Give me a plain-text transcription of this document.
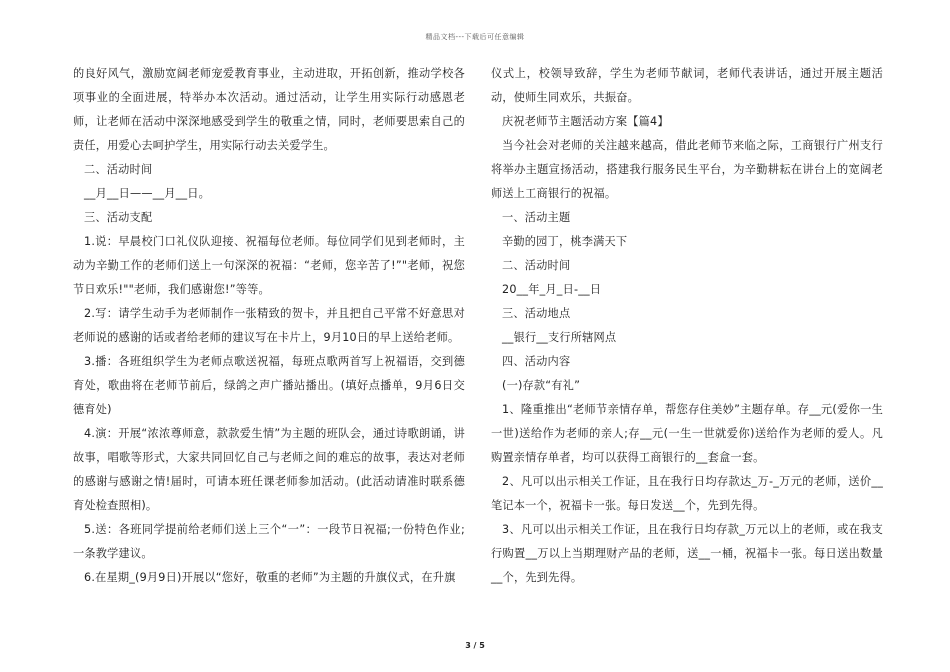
精品文档---下载后可任意编辑

的良好风气，激励宽阔老师宠爱教育事业，主动进取，开拓创新，推动学校各项事业的全面进展，特举办本次活动。通过活动，让学生用实际行动感恩老师，让老师在活动中深深地感受到学生的敬重之情，同时，老师要思索自己的责任，用爱心去呵护学生，用实际行动去关爱学生。

二、活动时间

__月__日——__月__日。

三、活动支配

1.说：早晨校门口礼仪队迎接、祝福每位老师。每位同学们见到老师时，主动为辛勤工作的老师们送上一句深深的祝福：“老师，您辛苦了!”"老师，祝您节日欢乐!""老师，我们感谢您!”等等。

2.写：请学生动手为老师制作一张精致的贺卡，并且把自己平常不好意思对老师说的感谢的话或者给老师的建议写在卡片上，9月10日的早上送给老师。

3.播：各班组织学生为老师点歌送祝福，每班点歌两首写上祝福语，交到德育处，歌曲将在老师节前后，绿鸽之声广播站播出。(填好点播单，9月6日交德育处)

4.演：开展“浓浓尊师意，款款爱生情”为主题的班队会，通过诗歌朗诵，讲故事，唱歌等形式，大家共同回忆自己与老师之间的难忘的故事，表达对老师的感谢与感谢之情!届时，可请本班任课老师参加活动。(此活动请准时联系德育处检查照相)。

5.送：各班同学提前给老师们送上三个“一”：一段节日祝福;一份特色作业;一条教学建议。

6.在星期_(9月9日)开展以“您好，敬重的老师”为主题的升旗仪式，在升旗

仪式上，校领导致辞，学生为老师节献词，老师代表讲话，通过开展主题活动，使师生同欢乐，共振奋。

庆祝老师节主题活动方案【篇4】

当今社会对老师的关注越来越高，借此老师节来临之际，工商银行广州支行将举办主题宣扬活动，搭建我行服务民生平台，为辛勤耕耘在讲台上的宽阔老师送上工商银行的祝福。

一、活动主题

辛勤的园丁，桃李满天下

二、活动时间

20__年_月_日-__日

三、活动地点

__银行__支行所辖网点

四、活动内容

(一)存款“有礼”

1、隆重推出“老师节亲情存单，帮您存住美妙”主题存单。存__元(爱你一生一世)送给作为老师的亲人;存__元(一生一世就爱你)送给作为老师的爱人。凡购置亲情存单者，均可以获得工商银行的__套盒一套。

2、凡可以出示相关工作证，且在我行日均存款达_万-_万元的老师，送价__笔记本一个，祝福卡一张。每日发送__个，先到先得。

3、凡可以出示相关工作证，且在我行日均存款_万元以上的老师，或在我支行购置__万以上当期理财产品的老师，送__一桶，祝福卡一张。每日送出数量__个，先到先得。

3 / 5
